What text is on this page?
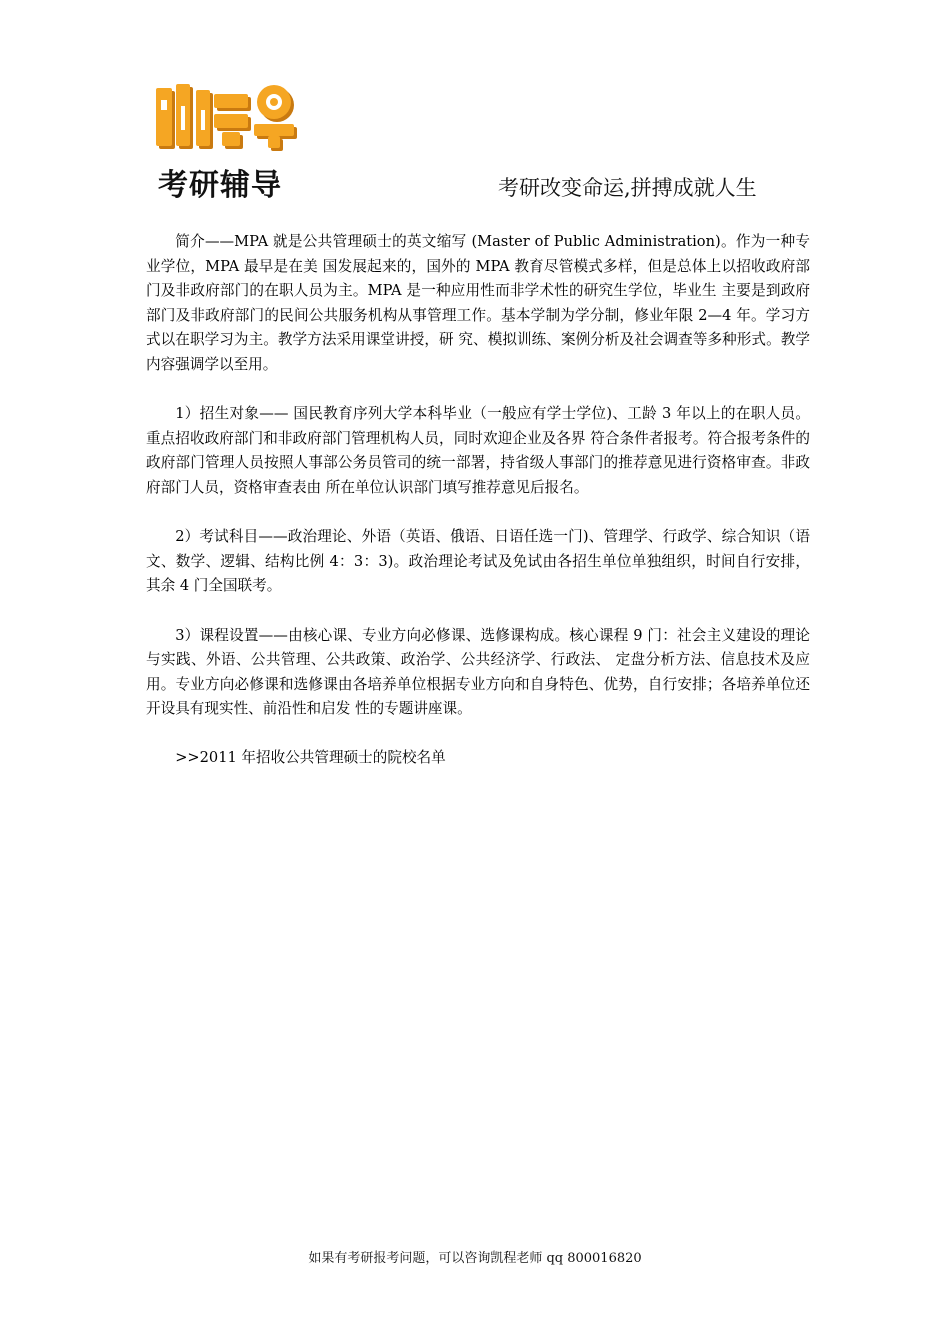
考研辅导	考研改变命运,拼搏成就人生

简介——MPA 就是公共管理硕士的英文缩写 (Master of Public Administration)。作为一种专业学位，MPA 最早是在美 国发展起来的，国外的 MPA 教育尽管模式多样，但是总体上以招收政府部门及非政府部门的在职人员为主。MPA 是一种应用性而非学术性的研究生学位，毕业生 主要是到政府部门及非政府部门的民间公共服务机构从事管理工作。基本学制为学分制，修业年限 2—4 年。学习方式以在职学习为主。教学方法采用课堂讲授，研 究、模拟训练、案例分析及社会调查等多种形式。教学内容强调学以至用。

1）招生对象—— 国民教育序列大学本科毕业（一般应有学士学位)、工龄 3 年以上的在职人员。重点招收政府部门和非政府部门管理机构人员，同时欢迎企业及各界 符合条件者报考。符合报考条件的政府部门管理人员按照人事部公务员管司的统一部署，持省级人事部门的推荐意见进行资格审查。非政府部门人员，资格审查表由 所在单位认识部门填写推荐意见后报名。

2）考试科目——政治理论、外语（英语、俄语、日语任选一门)、管理学、行政学、综合知识（语文、数学、逻辑、结构比例 4：3：3)。政治理论考试及免试由各招生单位单独组织，时间自行安排，其余 4 门全国联考。

3）课程设置——由核心课、专业方向必修课、选修课构成。核心课程 9 门：社会主义建设的理论与实践、外语、公共管理、公共政策、政治学、公共经济学、行政法、 定盘分析方法、信息技术及应用。专业方向必修课和选修课由各培养单位根据专业方向和自身特色、优势，自行安排；各培养单位还开设具有现实性、前沿性和启发 性的专题讲座课。

>>2011 年招收公共管理硕士的院校名单

如果有考研报考问题，可以咨询凯程老师 qq 800016820
